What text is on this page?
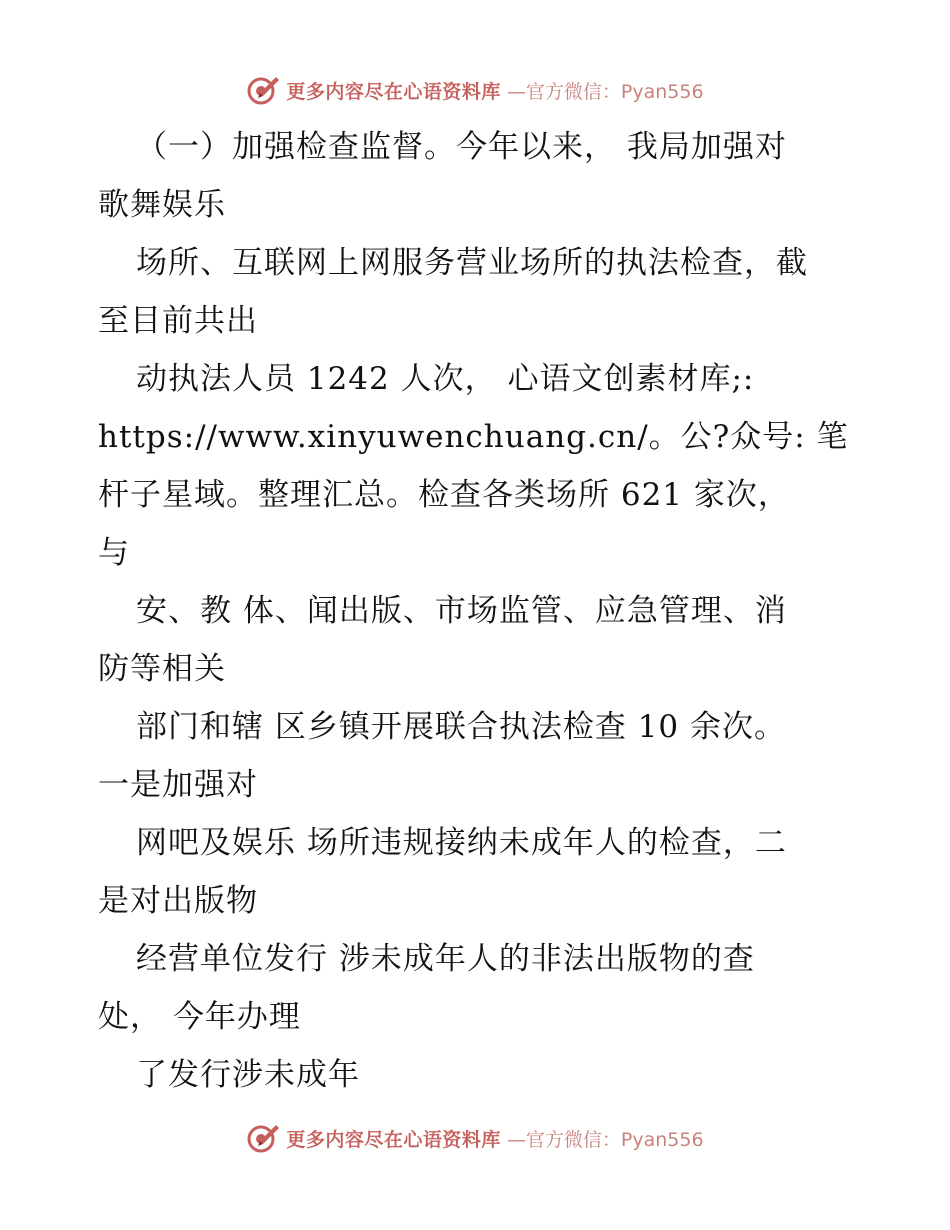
更多内容尽在心语资料库 —官方微信：Pyan556
（一）加强检查监督。今年以来， 我局加强对
歌舞娱乐
场所、互联网上网服务营业场所的执法检查，截
至目前共出
动执法人员 1242 人次， 心语文创素材库;:
https://www.xinyuwenchuang.cn/。公?众号: 笔
杆子星域。整理汇总。检查各类场所 621 家次，
与
安、教 体、闻出版、市场监管、应急管理、消
防等相关
部门和辖 区乡镇开展联合执法检查 10 余次。
一是加强对
网吧及娱乐 场所违规接纳未成年人的检查，二
是对出版物
经营单位发行 涉未成年人的非法出版物的查
处， 今年办理
了发行涉未成年
更多内容尽在心语资料库 —官方微信：Pyan556
